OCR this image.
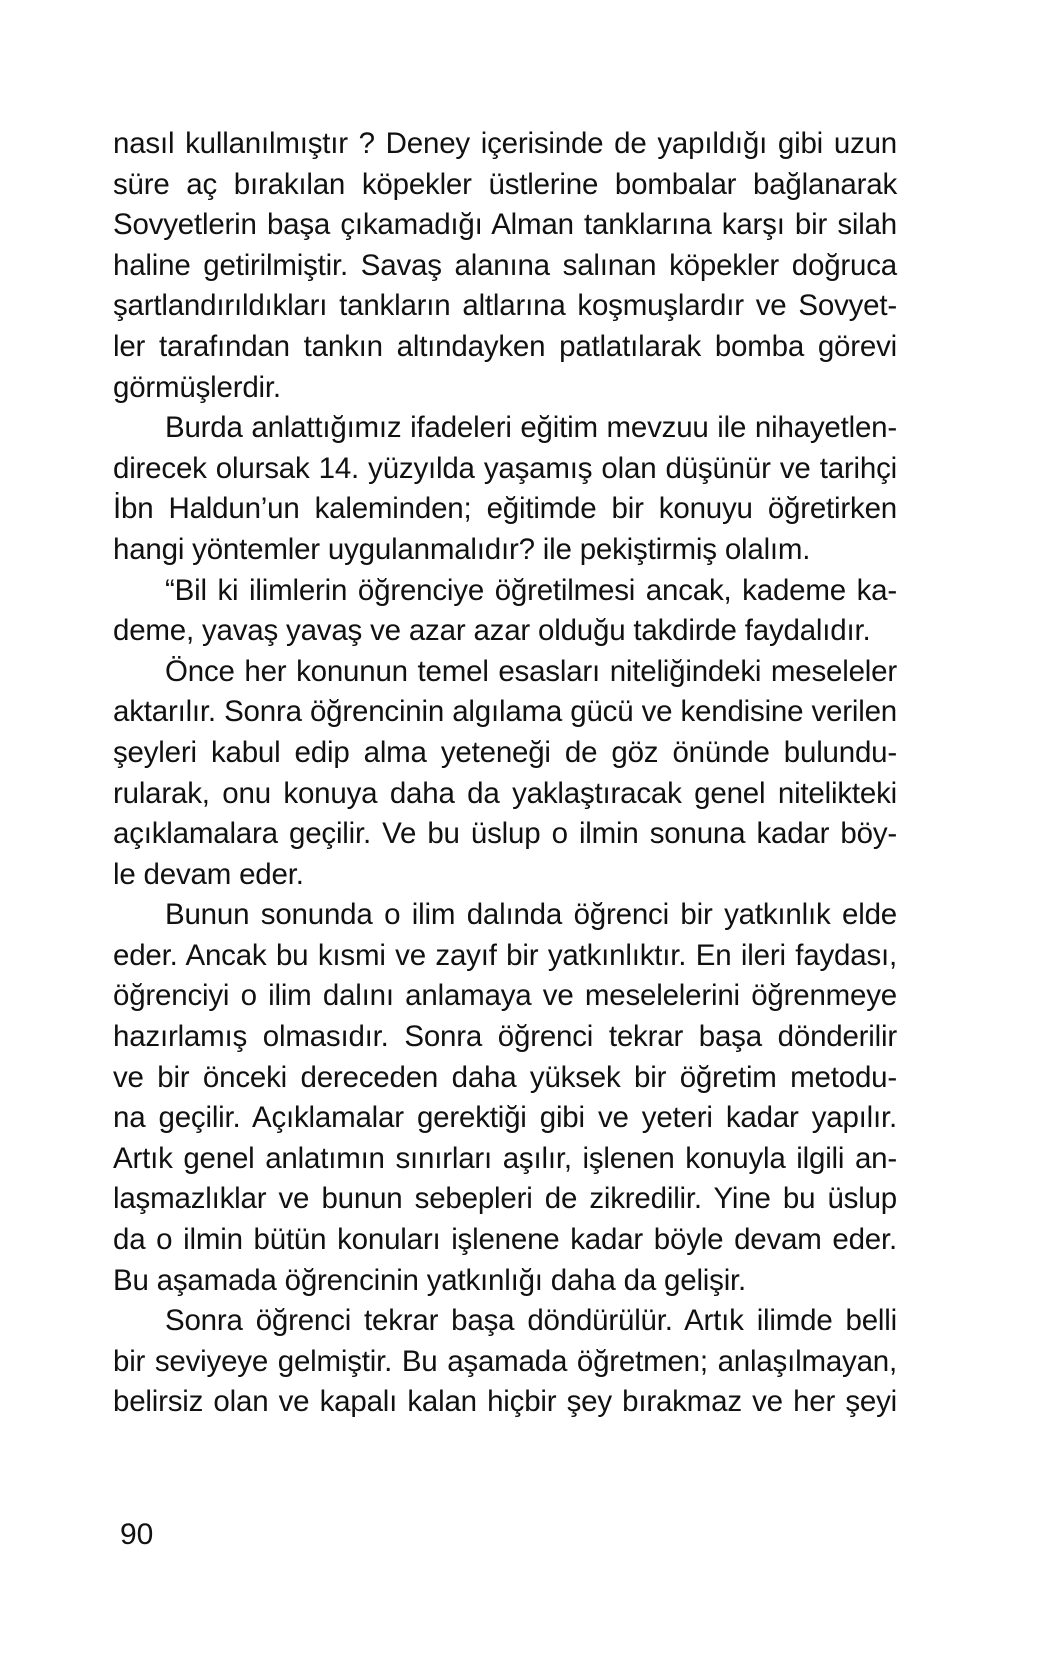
nasıl kullanılmıştır ? Deney içerisinde de yapıldığı gibi uzun
süre aç bırakılan köpekler üstlerine bombalar bağlanarak
Sovyetlerin başa çıkamadığı Alman tanklarına karşı bir silah
haline getirilmiştir. Savaş alanına salınan köpekler doğruca
şartlandırıldıkları tankların altlarına koşmuşlardır ve Sovyet-
ler tarafından tankın altındayken patlatılarak bomba görevi
görmüşlerdir.
Burda anlattığımız ifadeleri eğitim mevzuu ile nihayetlen-
direcek olursak 14. yüzyılda yaşamış olan düşünür ve tarihçi
İbn Haldun’un kaleminden; eğitimde bir konuyu öğretirken
hangi yöntemler uygulanmalıdır? ile pekiştirmiş olalım.
“Bil ki ilimlerin öğrenciye öğretilmesi ancak, kademe ka-
deme, yavaş yavaş ve azar azar olduğu takdirde faydalıdır.
Önce her konunun temel esasları niteliğindeki meseleler
aktarılır. Sonra öğrencinin algılama gücü ve kendisine verilen
şeyleri kabul edip alma yeteneği de göz önünde bulundu-
rularak, onu konuya daha da yaklaştıracak genel nitelikteki
açıklamalara geçilir. Ve bu üslup o ilmin sonuna kadar böy-
le devam eder.
Bunun sonunda o ilim dalında öğrenci bir yatkınlık elde
eder. Ancak bu kısmi ve zayıf bir yatkınlıktır. En ileri faydası,
öğrenciyi o ilim dalını anlamaya ve meselelerini öğrenmeye
hazırlamış olmasıdır. Sonra öğrenci tekrar başa dönderilir
ve bir önceki dereceden daha yüksek bir öğretim metodu-
na geçilir. Açıklamalar gerektiği gibi ve yeteri kadar yapılır.
Artık genel anlatımın sınırları aşılır, işlenen konuyla ilgili an-
laşmazlıklar ve bunun sebepleri de zikredilir. Yine bu üslup
da o ilmin bütün konuları işlenene kadar böyle devam eder.
Bu aşamada öğrencinin yatkınlığı daha da gelişir.
Sonra öğrenci tekrar başa döndürülür. Artık ilimde belli
bir seviyeye gelmiştir. Bu aşamada öğretmen; anlaşılmayan,
belirsiz olan ve kapalı kalan hiçbir şey bırakmaz ve her şeyi
90
